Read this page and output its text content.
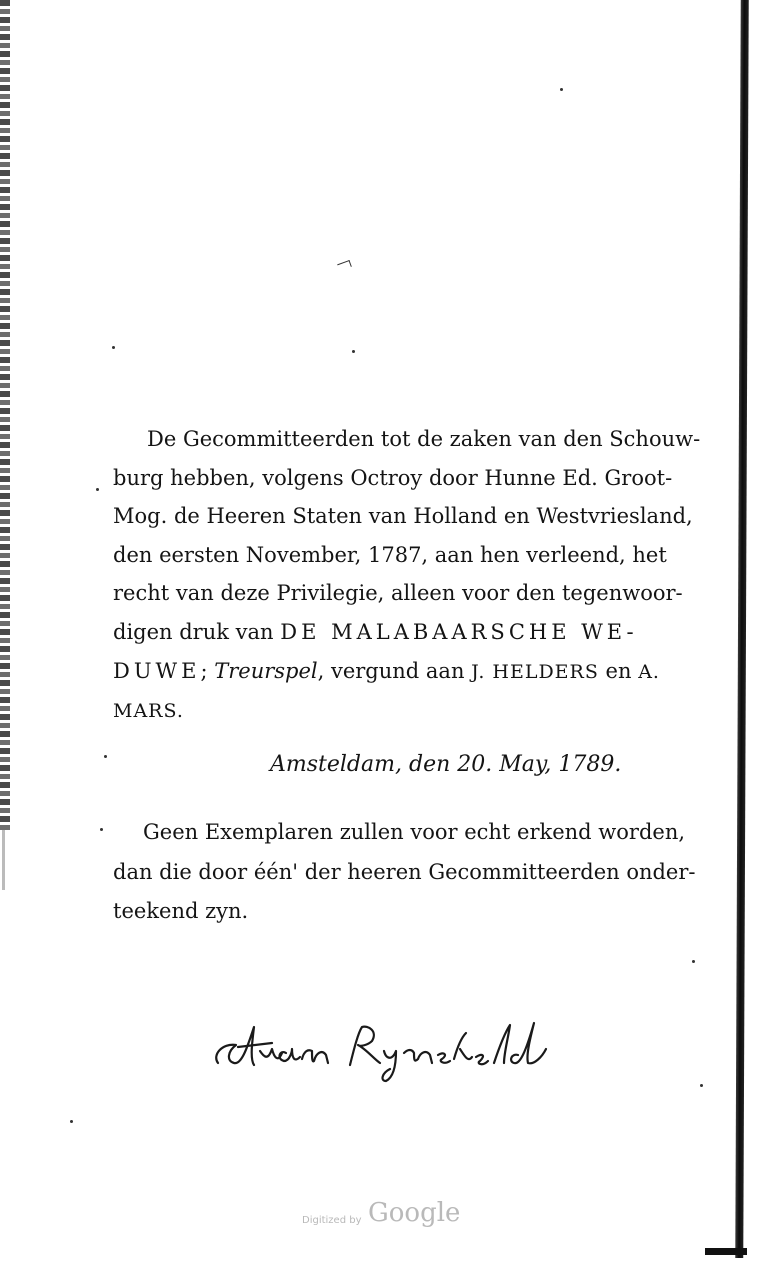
De Gecommitteerden tot de zaken van den Schouw-
burg hebben, volgens Octroy door Hunne Ed. Groot-
Mog. de Heeren Staten van Holland en Westvriesland,
den eersten November, 1787, aan hen verleend, het
recht van deze Privilegie, alleen voor den tegenwoor-
digen druk van DE MALABAARSCHE WE-
DUWE; Treurspel, vergund aan J. HELDERS en A.
MARS.

Amsteldam, den 20. May, 1789.

Geen Exemplaren zullen voor echt erkend worden,
dan die door één' der heeren Gecommitteerden onder-
teekend zyn.

A van Ryneveld
Digitized by Google
